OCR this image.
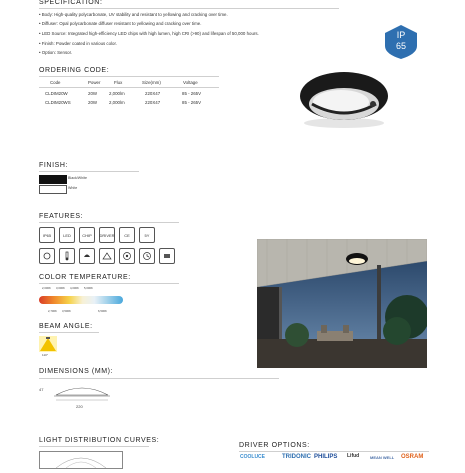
SPECIFICATION:
• Body: High-quality polycarbonate, UV stability and resistant to yellowing and cracking over time.
• Diffuser: Opal polycarbonate diffuser resistant to yellowing and cracking over time.
• LED Source: Integrated high-efficiency LED chips with high lumen, high CRI (>90) and lifespan of 50,000 hours.
• Finish: Powder coated in various color.
• Option: Sensor.
IP
65
ORDERING CODE:
Code	Power	Flux	Size(mm)	Voltage
CLDIM20W	20W	2,000lm	220X47	85 - 265V
CLDIM20WS	20W	2,000lm	220X47	85 - 265V
FINISH:
Black/White
White
FEATURES:
IP65	LED	CHIP	DRIVER	CE	5Y
COLOR TEMPERATURE:
2,000K 3,000K 4,000K 5,000K
2,700K 3,500K	6,500K
BEAM ANGLE:
110°
DIMENSIONS (MM):
47
220
LIGHT DISTRIBUTION CURVES:
DRIVER OPTIONS:
COOLUCE	TRIDONIC PHILIPS Lifud	MEAN WELL OSRAM
